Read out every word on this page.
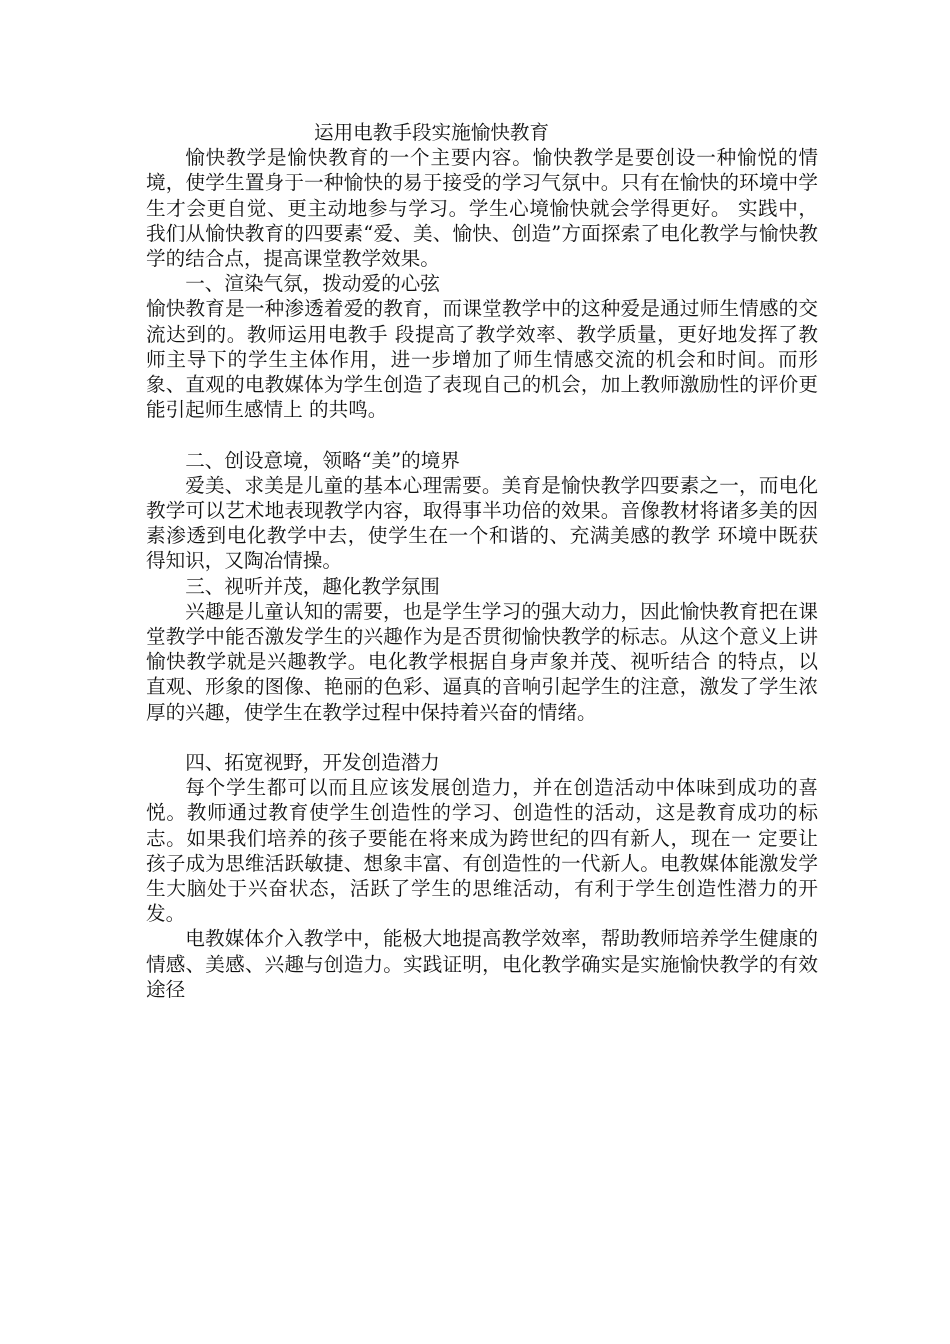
运用电教手段实施愉快教育

愉快教学是愉快教育的一个主要内容。愉快教学是要创设一种愉悦的情境，使学生置身于一种愉快的易于接受的学习气氛中。只有在愉快的环境中学生才会更自觉、更主动地参与学习。学生心境愉快就会学得更好。 实践中，我们从愉快教育的四要素“爱、美、愉快、创造”方面探索了电化教学与愉快教学的结合点，提高课堂教学效果。

一、渲染气氛，拨动爱的心弦

愉快教育是一种渗透着爱的教育，而课堂教学中的这种爱是通过师生情感的交流达到的。教师运用电教手 段提高了教学效率、教学质量，更好地发挥了教师主导下的学生主体作用，进一步增加了师生情感交流的机会和时间。而形象、直观的电教媒体为学生创造了表现自己的机会，加上教师激励性的评价更能引起师生感情上 的共鸣。

二、创设意境，领略“美”的境界

爱美、求美是儿童的基本心理需要。美育是愉快教学四要素之一，而电化教学可以艺术地表现教学内容，取得事半功倍的效果。音像教材将诸多美的因素渗透到电化教学中去，使学生在一个和谐的、充满美感的教学 环境中既获得知识，又陶冶情操。

三、视听并茂，趣化教学氛围

兴趣是儿童认知的需要，也是学生学习的强大动力，因此愉快教育把在课堂教学中能否激发学生的兴趣作为是否贯彻愉快教学的标志。从这个意义上讲愉快教学就是兴趣教学。电化教学根据自身声象并茂、视听结合 的特点，以直观、形象的图像、艳丽的色彩、逼真的音响引起学生的注意，激发了学生浓厚的兴趣，使学生在教学过程中保持着兴奋的情绪。

四、拓宽视野，开发创造潜力

每个学生都可以而且应该发展创造力，并在创造活动中体味到成功的喜悦。教师通过教育使学生创造性的学习、创造性的活动，这是教育成功的标志。如果我们培养的孩子要能在将来成为跨世纪的四有新人，现在一 定要让孩子成为思维活跃敏捷、想象丰富、有创造性的一代新人。电教媒体能激发学生大脑处于兴奋状态，活跃了学生的思维活动，有利于学生创造性潜力的开发。

电教媒体介入教学中，能极大地提高教学效率，帮助教师培养学生健康的情感、美感、兴趣与创造力。实践证明，电化教学确实是实施愉快教学的有效途径
